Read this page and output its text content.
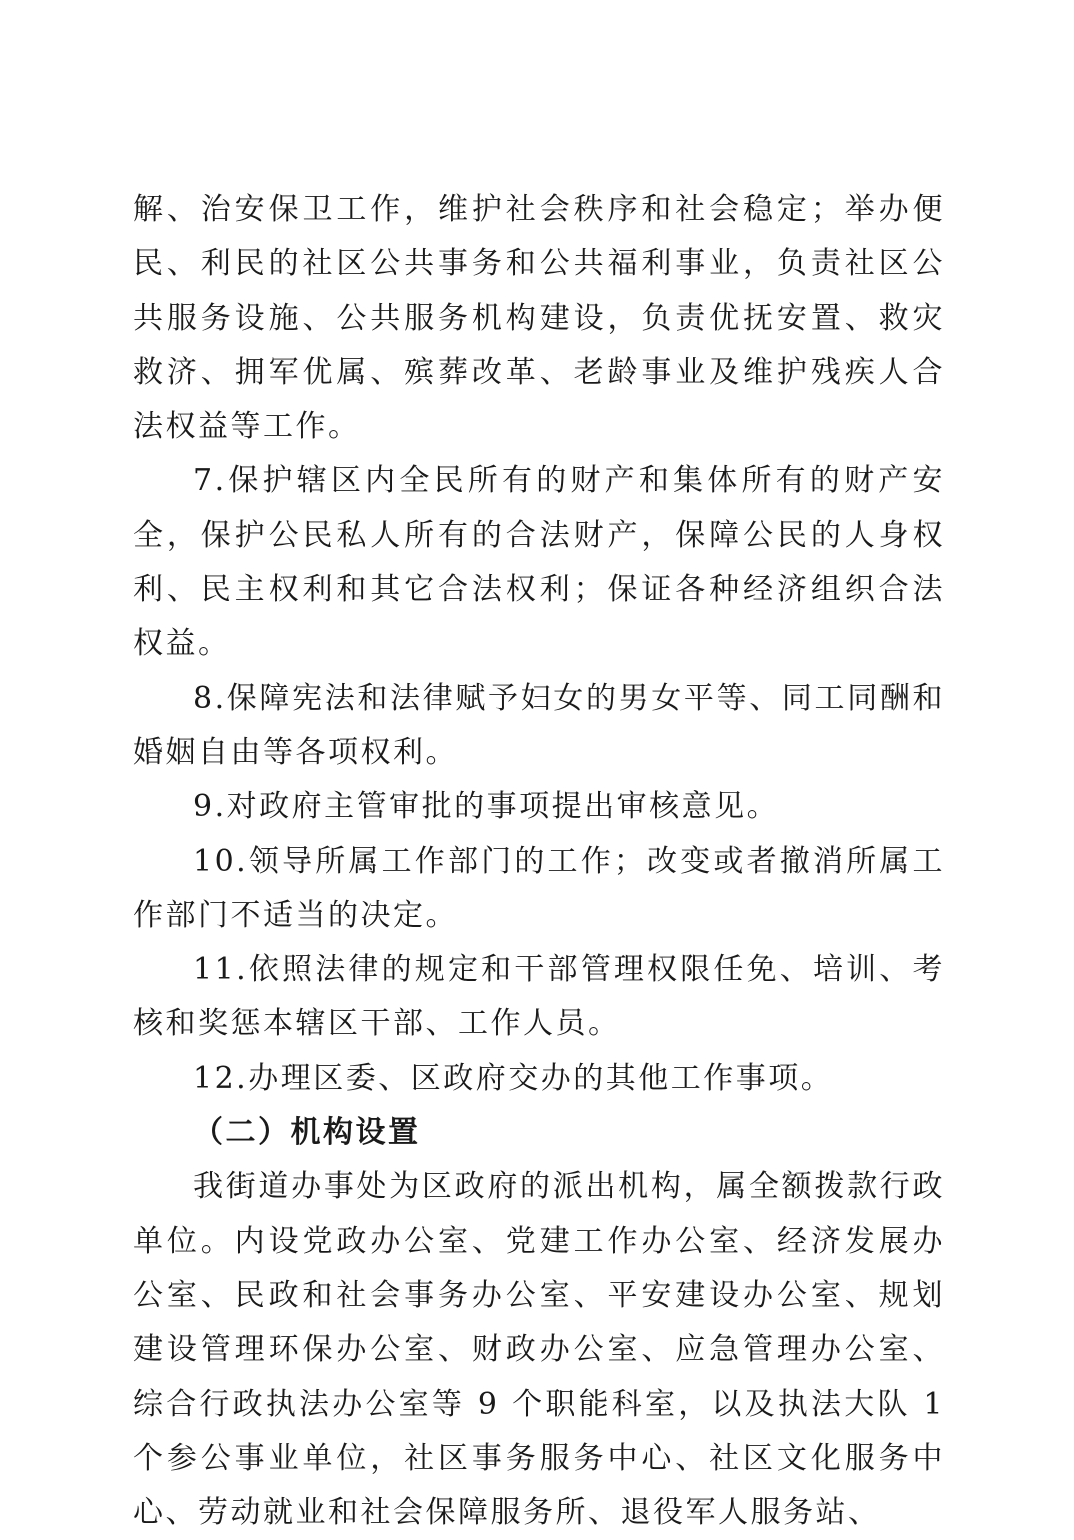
解、治安保卫工作，维护社会秩序和社会稳定；举办便民、利民的社区公共事务和公共福利事业，负责社区公共服务设施、公共服务机构建设，负责优抚安置、救灾救济、拥军优属、殡葬改革、老龄事业及维护残疾人合法权益等工作。

7.保护辖区内全民所有的财产和集体所有的财产安全，保护公民私人所有的合法财产，保障公民的人身权利、民主权利和其它合法权利；保证各种经济组织合法权益。

8.保障宪法和法律赋予妇女的男女平等、同工同酬和婚姻自由等各项权利。

9.对政府主管审批的事项提出审核意见。

10.领导所属工作部门的工作；改变或者撤消所属工作部门不适当的决定。

11.依照法律的规定和干部管理权限任免、培训、考核和奖惩本辖区干部、工作人员。

12.办理区委、区政府交办的其他工作事项。

（二）机构设置

我街道办事处为区政府的派出机构，属全额拨款行政单位。内设党政办公室、党建工作办公室、经济发展办公室、民政和社会事务办公室、平安建设办公室、规划建设管理环保办公室、财政办公室、应急管理办公室、综合行政执法办公室等 9 个职能科室，以及执法大队 1 个参公事业单位，社区事务服务中心、社区文化服务中心、劳动就业和社会保障服务所、退役军人服务站、
